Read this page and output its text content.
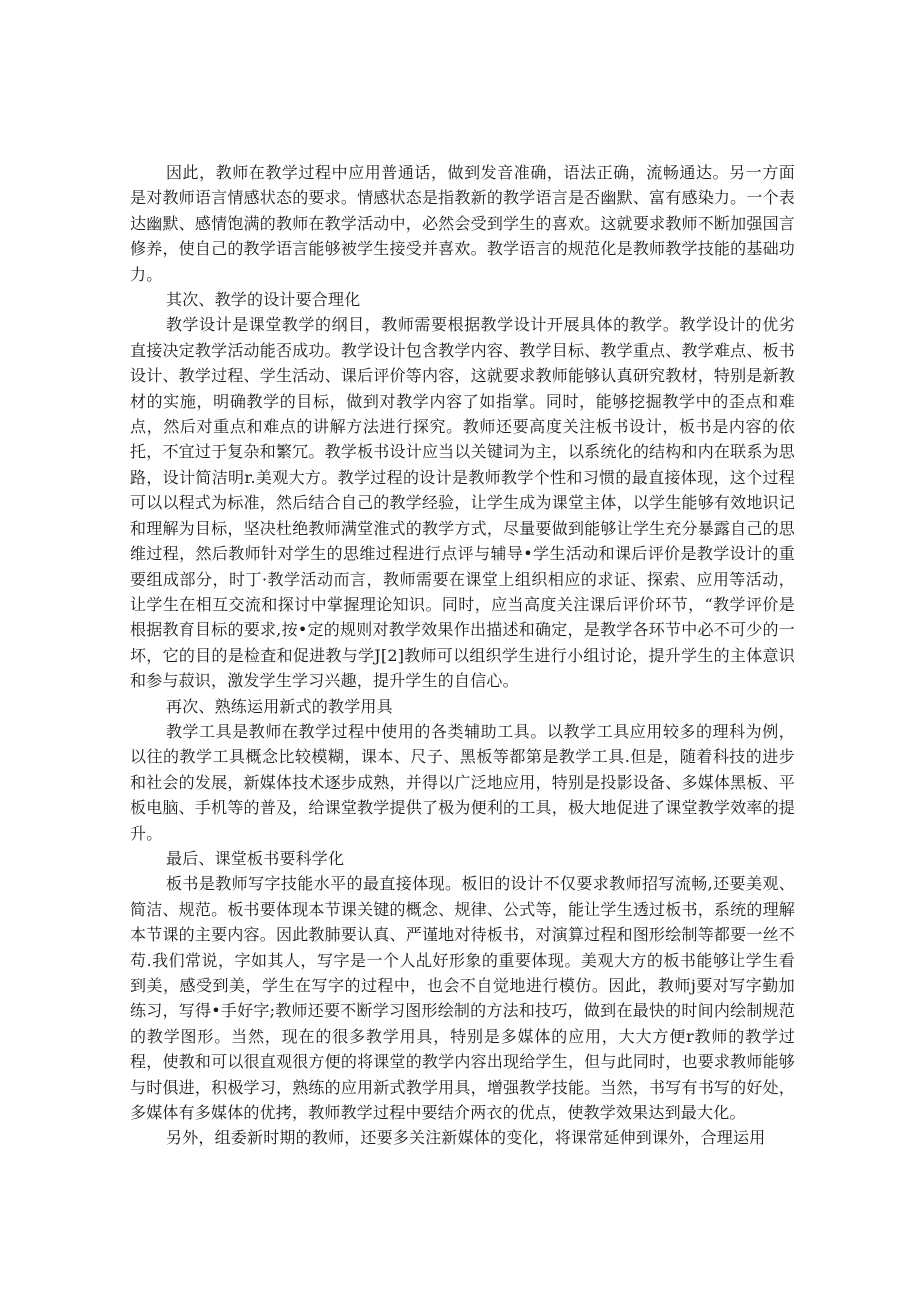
因此，教师在教学过程中应用普通话，做到发音准确，语法正确，流畅通达。另一方面是对教师语言情感状态的要求。情感状态是指教新的教学语言是否幽默、富有感染力。一个表达幽默、感情饱满的教师在教学活动中，必然会受到学生的喜欢。这就要求教师不断加强国言修养，使自己的教学语言能够被学生接受并喜欢。教学语言的规范化是教师教学技能的基础功力。

其次、教学的设计要合理化

教学设计是课堂教学的纲目，教师需要根据教学设计开展具体的教学。教学设计的优劣直接决定教学活动能否成功。教学设计包含教学内容、教学目标、教学重点、教学难点、板书设计、教学过程、学生活动、课后评价等内容，这就要求教师能够认真研究教材，特别是新教材的实施，明确教学的目标，做到对教学内容了如指掌。同时，能够挖掘教学中的歪点和难点，然后对重点和难点的讲解方法进行探究。教师还要高度关注板书设计，板书是内容的依托，不宜过于复杂和繁冗。教学板书设计应当以关键词为主，以系统化的结构和内在联系为思路，设计简洁明r.美观大方。教学过程的设计是教师教学个性和习惯的最直接体现，这个过程可以以程式为标准，然后结合自己的教学经验，让学生成为课堂主体，以学生能够有效地识记和理解为目标，坚决杜绝教师满堂淮式的教学方式，尽量要做到能够让学生充分暴露自己的思维过程，然后教师针对学生的思维过程进行点评与辅导•学生活动和课后评价是教学设计的重要组成部分，时丁·教学活动而言，教师需要在课堂上组织相应的求证、探索、应用等活动，让学生在相互交流和探讨中掌握理论知识。同时，应当高度关注课后评价环节，“教学评价是根据教育目标的要求,按•定的规则对教学效果作出描述和确定，是教学各环节中必不可少的一坏，它的目的是检査和促进教与学J[2]教师可以组织学生进行小组讨论，提升学生的主体意识和参与菽识，激发学生学习兴趣，提升学生的自信心。

再次、熟练运用新式的教学用具

教学工具是教师在教学过程中使用的各类辅助工具。以教学工具应用较多的理科为例，以往的教学工具概念比较模糊，课本、尺子、黑板等都第是教学工具.但是，随着科技的进步和社会的发展，新媒体技术逐步成熟，并得以广泛地应用，特别是投影设备、多媒体黑板、平板电脑、手机等的普及，给课堂教学提供了极为便利的工具，极大地促进了课堂教学效率的提升。

最后、课堂板书要科学化

板书是教师写字技能水平的最直接体现。板旧的设计不仅要求教师招写流畅,还要美观、简洁、规范。板书要体现本节课关键的概念、规律、公式等，能让学生透过板书，系统的理解本节课的主要内容。因此教肺要认真、严谨地对待板书，对演算过程和图形绘制等都要一丝不苟.我们常说，字如其人，写字是一个人乩好形象的重要体现。美观大方的板书能够让学生看到美，感受到美，学生在写字的过程中，也会不自觉地进行模仿。因此，教师j要对写字勤加练习，写得•手好字;教师还要不断学习图形绘制的方法和技巧，做到在最快的时间内绘制规范的教学图形。当然，现在的很多教学用具，特别是多媒体的应用，大大方便r教师的教学过程，使教和可以很直观很方便的将课堂的教学内容出现给学生，但与此同时，也要求教师能够与时俱进，积极学习，熟练的应用新式教学用具，增强教学技能。当然，书写有书写的好处，多媒体有多媒体的优拷，教师教学过程中要结介两衣的优点，使教学效果达到最大化。

另外，组委新时期的教师，还要多关注新媒体的变化，将课常延伸到课外，合理运用
